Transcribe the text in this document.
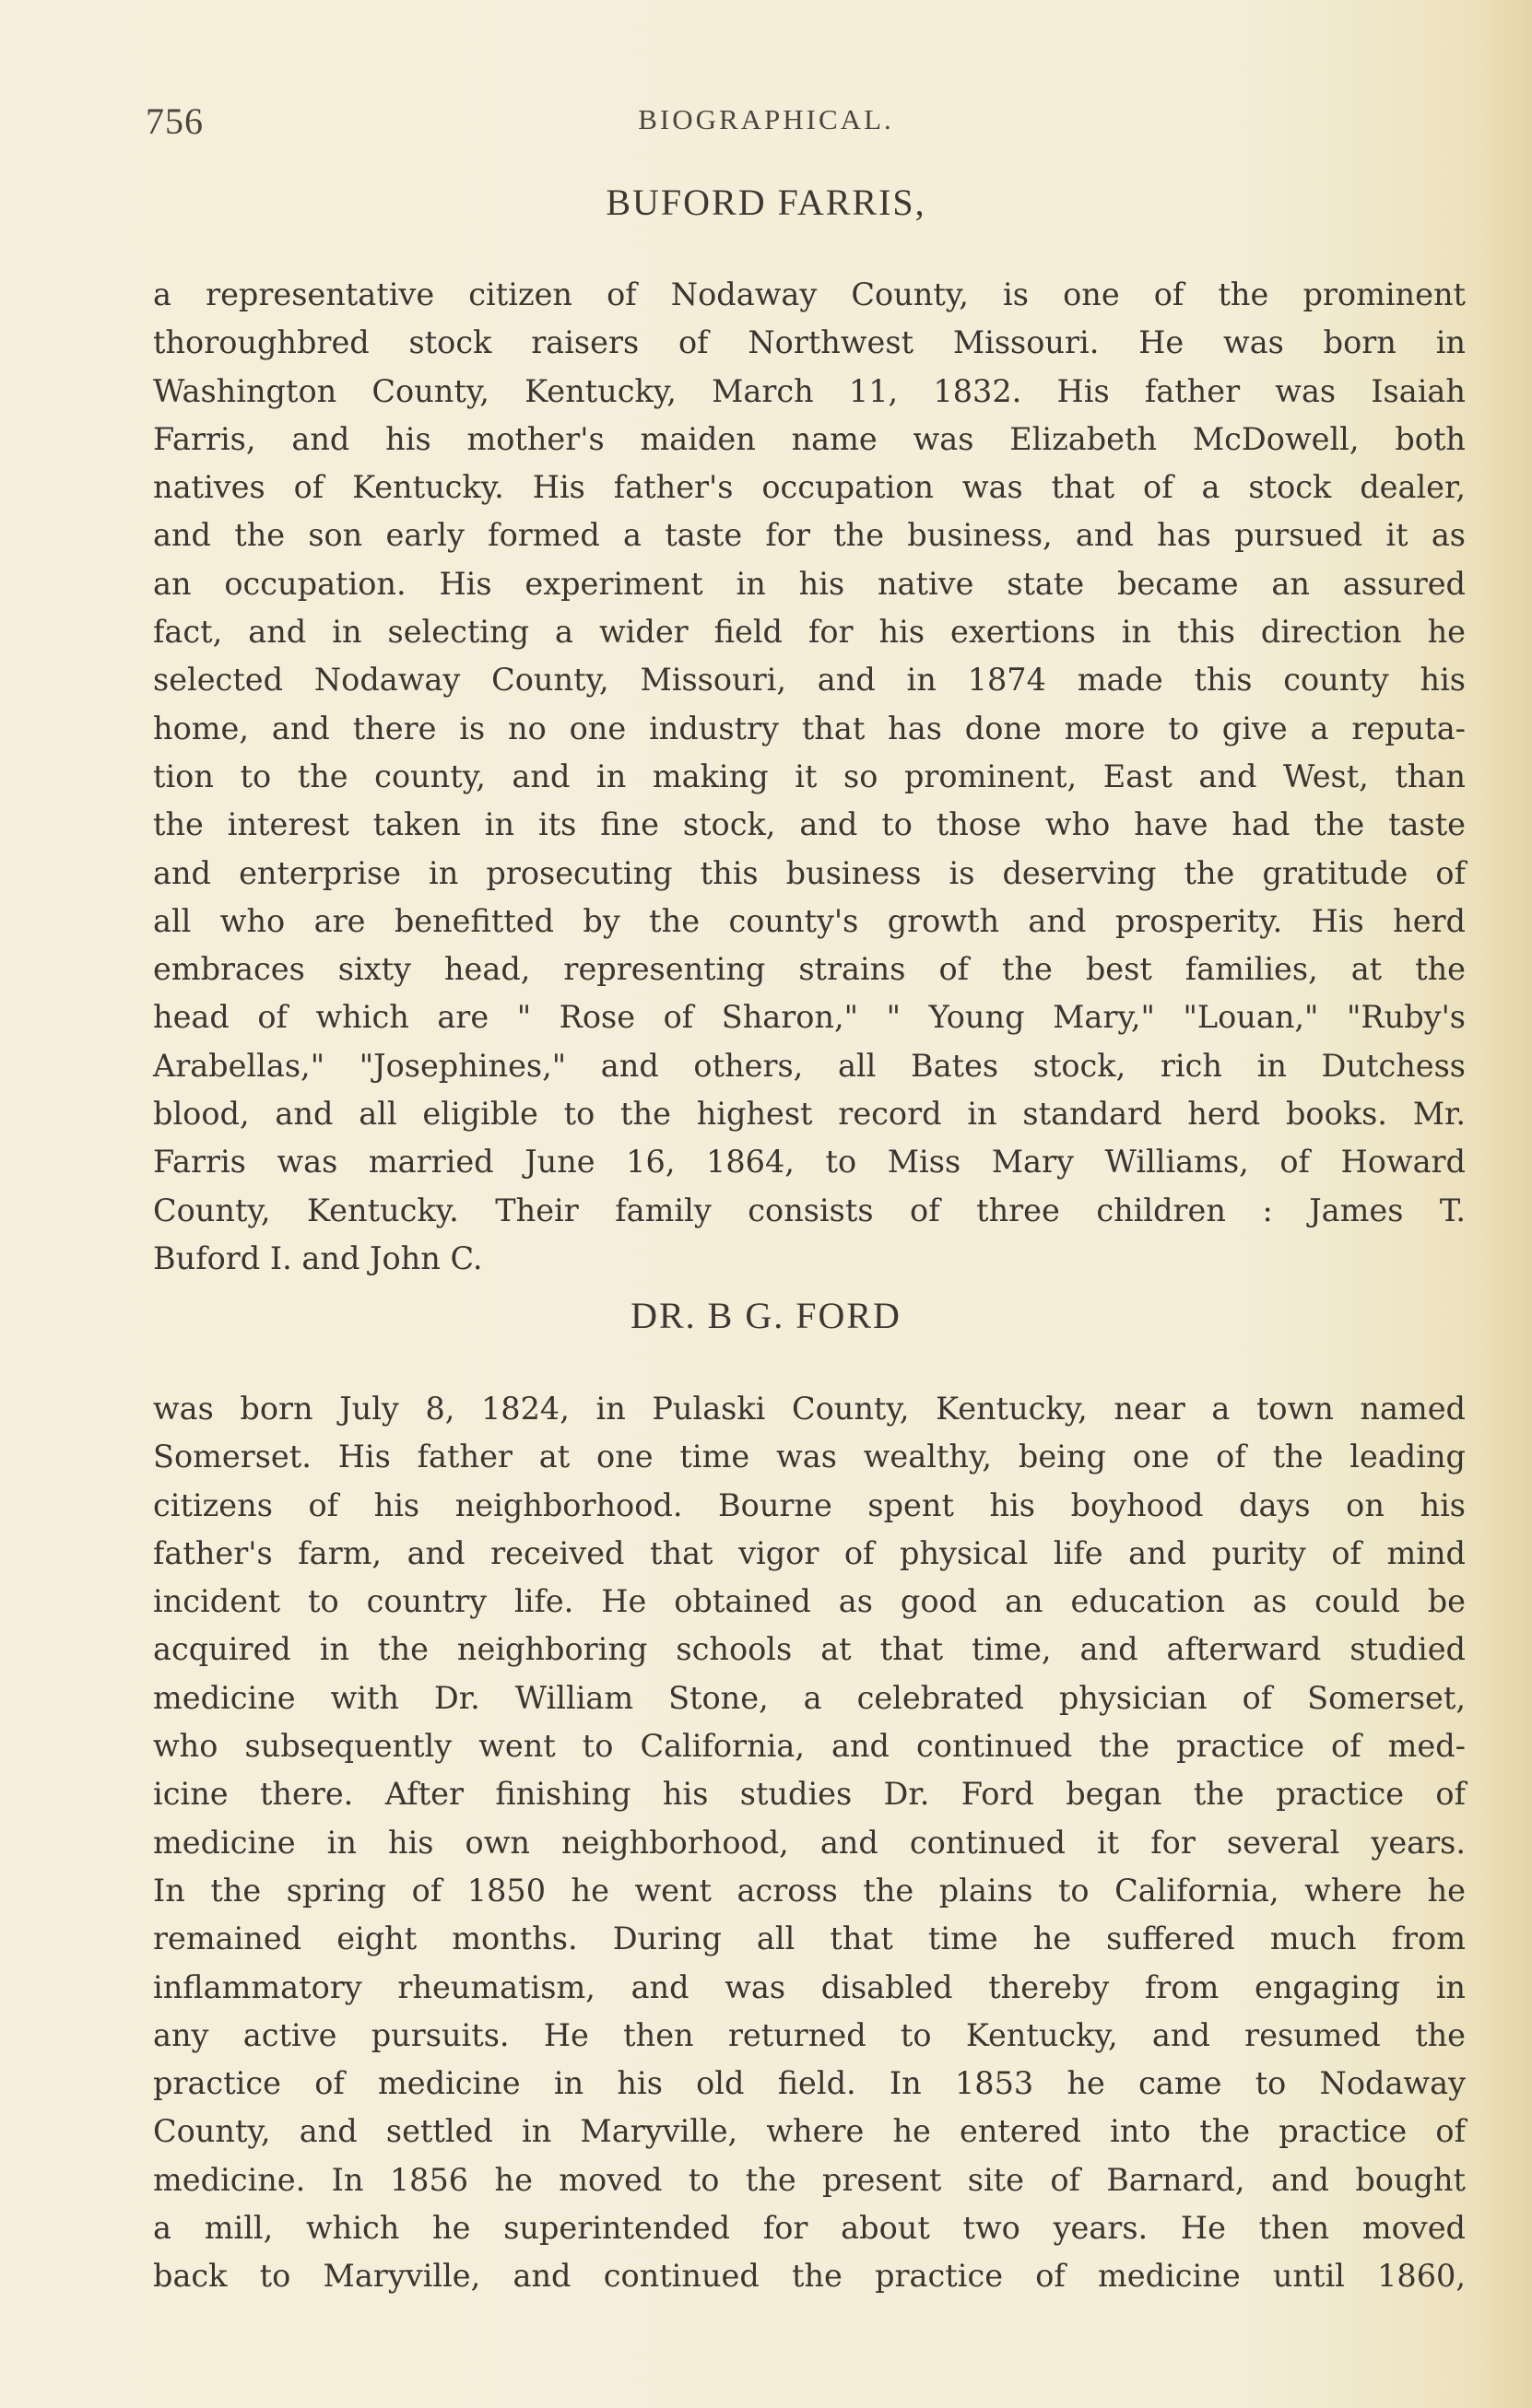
756	BIOGRAPHICAL.
BUFORD FARRIS,
a representative citizen of Nodaway County, is one of the prominent
thoroughbred stock raisers of Northwest Missouri. He was born in
Washington County, Kentucky, March 11, 1832. His father was Isaiah
Farris, and his mother's maiden name was Elizabeth McDowell, both
natives of Kentucky. His father's occupation was that of a stock dealer,
and the son early formed a taste for the business, and has pursued it as
an occupation. His experiment in his native state became an assured
fact, and in selecting a wider field for his exertions in this direction he
selected Nodaway County, Missouri, and in 1874 made this county his
home, and there is no one industry that has done more to give a reputa-
tion to the county, and in making it so prominent, East and West, than
the interest taken in its fine stock, and to those who have had the taste
and enterprise in prosecuting this business is deserving the gratitude of
all who are benefitted by the county's growth and prosperity. His herd
embraces sixty head, representing strains of the best families, at the
head of which are " Rose of Sharon," " Young Mary," "Louan," "Ruby's
Arabellas," "Josephines," and others, all Bates stock, rich in Dutchess
blood, and all eligible to the highest record in standard herd books. Mr.
Farris was married June 16, 1864, to Miss Mary Williams, of Howard
County, Kentucky. Their family consists of three children : James T.
Buford I. and John C.
DR. B G. FORD
was born July 8, 1824, in Pulaski County, Kentucky, near a town named
Somerset. His father at one time was wealthy, being one of the leading
citizens of his neighborhood. Bourne spent his boyhood days on his
father's farm, and received that vigor of physical life and purity of mind
incident to country life. He obtained as good an education as could be
acquired in the neighboring schools at that time, and afterward studied
medicine with Dr. William Stone, a celebrated physician of Somerset,
who subsequently went to California, and continued the practice of med-
icine there. After finishing his studies Dr. Ford began the practice of
medicine in his own neighborhood, and continued it for several years.
In the spring of 1850 he went across the plains to California, where he
remained eight months. During all that time he suffered much from
inflammatory rheumatism, and was disabled thereby from engaging in
any active pursuits. He then returned to Kentucky, and resumed the
practice of medicine in his old field. In 1853 he came to Nodaway
County, and settled in Maryville, where he entered into the practice of
medicine. In 1856 he moved to the present site of Barnard, and bought
a mill, which he superintended for about two years. He then moved
back to Maryville, and continued the practice of medicine until 1860,
